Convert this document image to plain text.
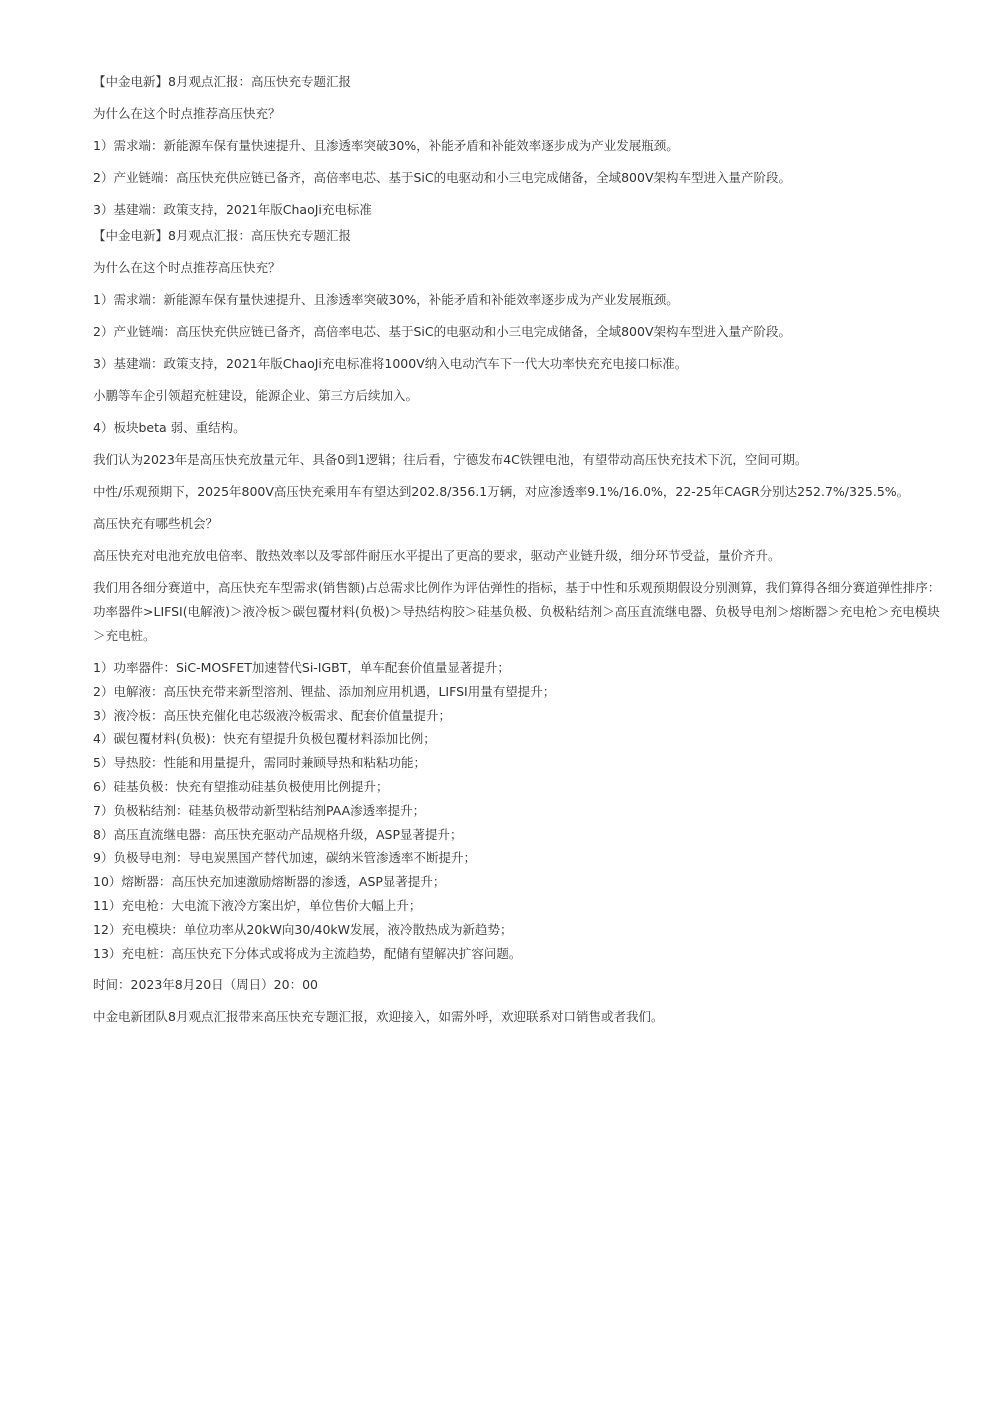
【中金电新】8月观点汇报：高压快充专题汇报

为什么在这个时点推荐高压快充？

1）需求端：新能源车保有量快速提升、且渗透率突破30%，补能矛盾和补能效率逐步成为产业发展瓶颈。

2）产业链端：高压快充供应链已备齐，高倍率电芯、基于SiC的电驱动和小三电完成储备，全域800V架构车型进入量产阶段。

3）基建端：政策支持，2021年版ChaoJi充电标准

【中金电新】8月观点汇报：高压快充专题汇报

为什么在这个时点推荐高压快充？

1）需求端：新能源车保有量快速提升、且渗透率突破30%，补能矛盾和补能效率逐步成为产业发展瓶颈。

2）产业链端：高压快充供应链已备齐，高倍率电芯、基于SiC的电驱动和小三电完成储备，全域800V架构车型进入量产阶段。

3）基建端：政策支持，2021年版ChaoJi充电标准将1000V纳入电动汽车下一代大功率快充充电接口标准。

小鹏等车企引领超充桩建设，能源企业、第三方后续加入。

4）板块beta 弱、重结构。

我们认为2023年是高压快充放量元年、具备0到1逻辑；往后看，宁德发布4C铁锂电池，有望带动高压快充技术下沉，空间可期。

中性/乐观预期下，2025年800V高压快充乘用车有望达到202.8/356.1万辆，对应渗透率9.1%/16.0%，22-25年CAGR分别达252.7%/325.5%。

高压快充有哪些机会？

高压快充对电池充放电倍率、散热效率以及零部件耐压水平提出了更高的要求，驱动产业链升级，细分环节受益，量价齐升。

我们用各细分赛道中，高压快充车型需求(销售额)占总需求比例作为评估弹性的指标，基于中性和乐观预期假设分别测算，我们算得各细分赛道弹性排序：功率器件>LIFSI(电解液)＞液冷板＞碳包覆材料(负极)＞导热结构胶＞硅基负极、负极粘结剂＞高压直流继电器、负极导电剂＞熔断器＞充电枪＞充电模块＞充电桩。

1）功率器件：SiC-MOSFET加速替代Si-IGBT，单车配套价值量显著提升；
2）电解液：高压快充带来新型溶剂、锂盐、添加剂应用机遇，LIFSI用量有望提升；
3）液冷板：高压快充催化电芯级液冷板需求、配套价值量提升；
4）碳包覆材料(负极)：快充有望提升负极包覆材料添加比例；
5）导热胶：性能和用量提升，需同时兼顾导热和粘粘功能；
6）硅基负极：快充有望推动硅基负极使用比例提升；
7）负极粘结剂：硅基负极带动新型粘结剂PAA渗透率提升；
8）高压直流继电器：高压快充驱动产品规格升级，ASP显著提升；
9）负极导电剂：导电炭黑国产替代加速，碳纳米管渗透率不断提升；
10）熔断器：高压快充加速激励熔断器的渗透，ASP显著提升；
11）充电枪：大电流下液冷方案出炉，单位售价大幅上升；
12）充电模块：单位功率从20kW向30/40kW发展，液冷散热成为新趋势；
13）充电桩：高压快充下分体式或将成为主流趋势，配储有望解决扩容问题。

时间：2023年8月20日（周日）20：00

中金电新团队8月观点汇报带来高压快充专题汇报，欢迎接入，如需外呼，欢迎联系对口销售或者我们。
